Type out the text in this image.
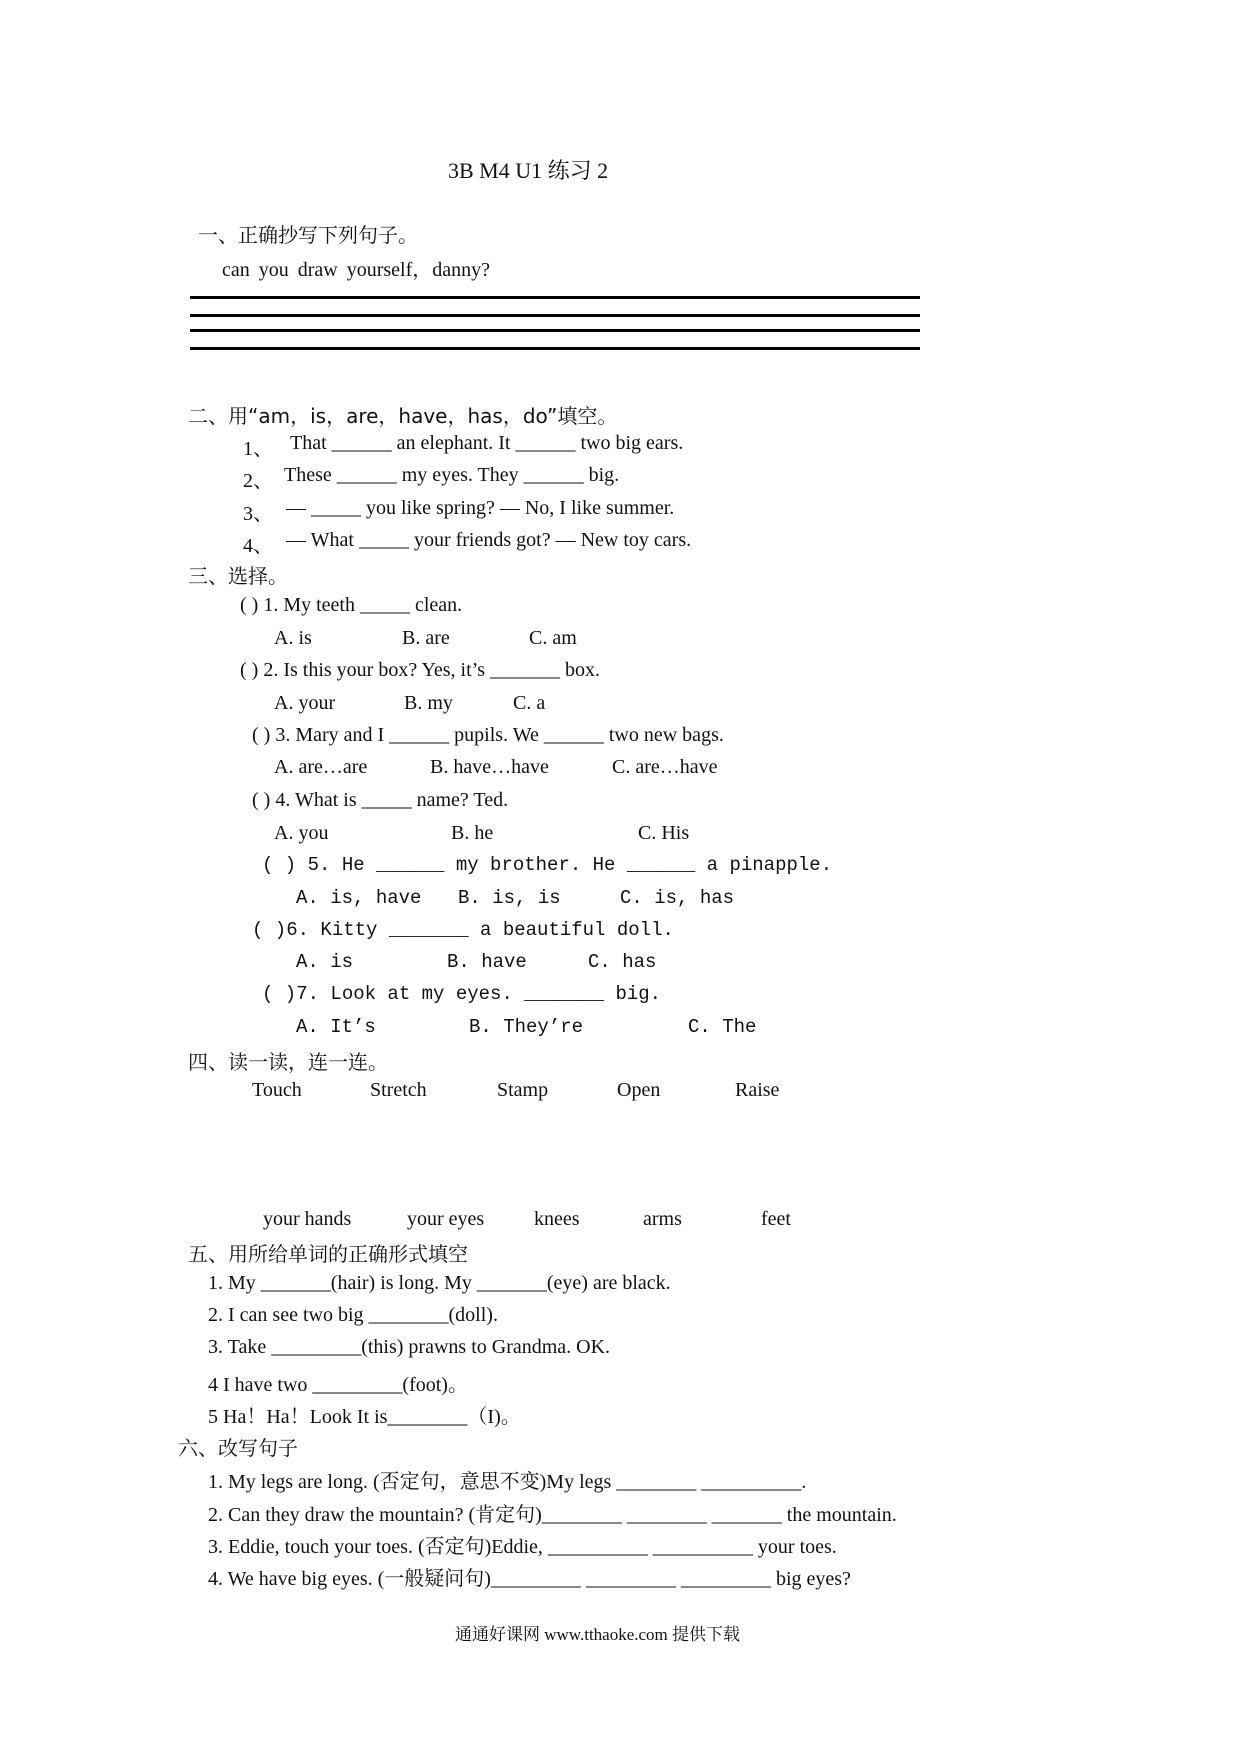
3B M4 U1 练习 2
一、正确抄写下列句子。
can you draw yourself，danny?
二、用“am，is，are，have，has，do”填空。
1、 That ______ an elephant. It ______ two big ears.
2、 These ______ my eyes. They ______ big.
3、 — _____ you like spring? — No, I like summer.
4、 — What _____ your friends got? — New toy cars.
三、选择。
( ) 1. My teeth _____ clean.
A. is	B. are	C. am
( ) 2. Is this your box? Yes, it’s _______ box.
A. your	B. my	C. a
( ) 3. Mary and I ______ pupils. We ______ two new bags.
A. are…are	B. have…have	C. are…have
( ) 4. What is _____ name? Ted.
A. you	B. he	C. His
( ) 5. He ______ my brother. He ______ a pinapple.
A. is, have B. is, is	C. is, has
( )6. Kitty _______ a beautiful doll.
A. is	B. have	C. has
( )7. Look at my eyes. _______ big.
A. It’s	B. They’re	C. The
四、读一读，连一连。
Touch	Stretch	Stamp	Open	Raise
your hands	your eyes knees	arms	feet
五、用所给单词的正确形式填空
1. My _______(hair) is long. My _______(eye) are black.
2. I can see two big ________(doll).
3. Take _________(this) prawns to Grandma. OK.
4 I have two _________(foot)。
5 Ha！Ha！Look It is________（I)。
六、改写句子
1. My legs are long. (否定句，意思不变)My legs ________ __________.
2. Can they draw the mountain? (肯定句)________ ________ _______ the mountain.
3. Eddie, touch your toes. (否定句)Eddie, __________ __________ your toes.
4. We have big eyes. (一般疑问句)_________ _________ _________ big eyes?
通通好课网 www.tthaoke.com 提供下载
